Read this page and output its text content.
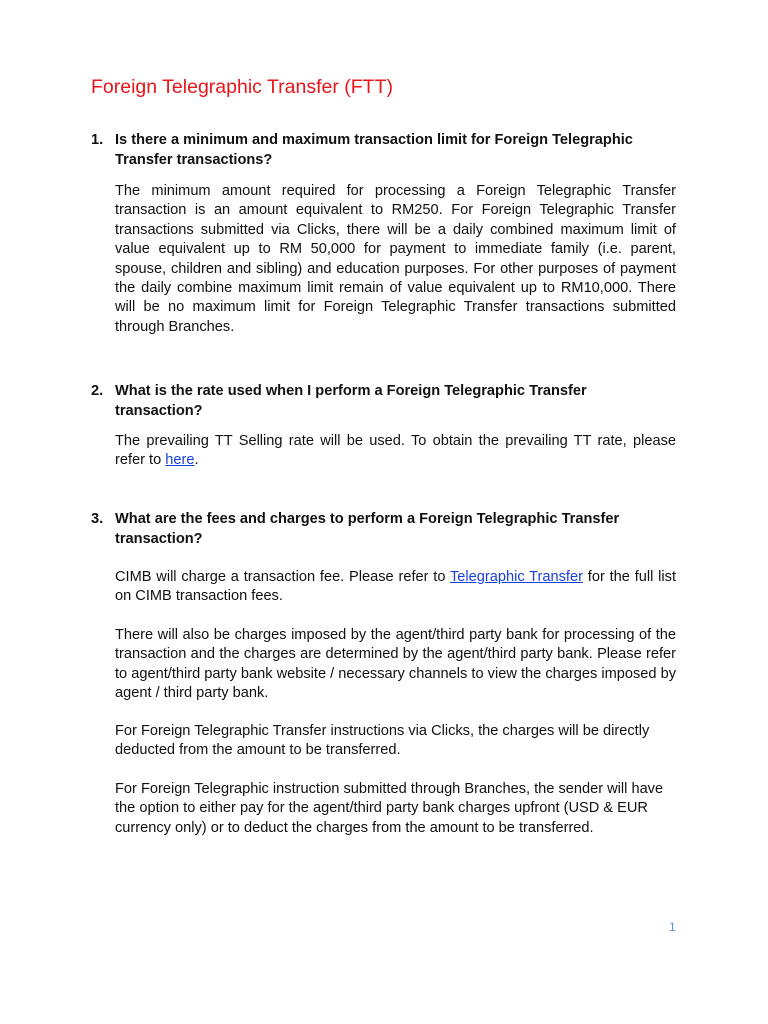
Foreign Telegraphic Transfer (FTT)
1. Is there a minimum and maximum transaction limit for Foreign Telegraphic Transfer transactions?
The minimum amount required for processing a Foreign Telegraphic Transfer transaction is an amount equivalent to RM250. For Foreign Telegraphic Transfer transactions submitted via Clicks, there will be a daily combined maximum limit of value equivalent up to RM 50,000 for payment to immediate family (i.e. parent, spouse, children and sibling) and education purposes. For other purposes of payment the daily combine maximum limit remain of value equivalent up to RM10,000. There will be no maximum limit for Foreign Telegraphic Transfer transactions submitted through Branches.
2. What is the rate used when I perform a Foreign Telegraphic Transfer transaction?
The prevailing TT Selling rate will be used. To obtain the prevailing TT rate, please refer to here.
3. What are the fees and charges to perform a Foreign Telegraphic Transfer transaction?
CIMB will charge a transaction fee. Please refer to Telegraphic Transfer for the full list on CIMB transaction fees.
There will also be charges imposed by the agent/third party bank for processing of the transaction and the charges are determined by the agent/third party bank. Please refer to agent/third party bank website / necessary channels to view the charges imposed by agent / third party bank.
For Foreign Telegraphic Transfer instructions via Clicks, the charges will be directly deducted from the amount to be transferred.
For Foreign Telegraphic instruction submitted through Branches, the sender will have the option to either pay for the agent/third party bank charges upfront (USD & EUR currency only) or to deduct the charges from the amount to be transferred.
1
